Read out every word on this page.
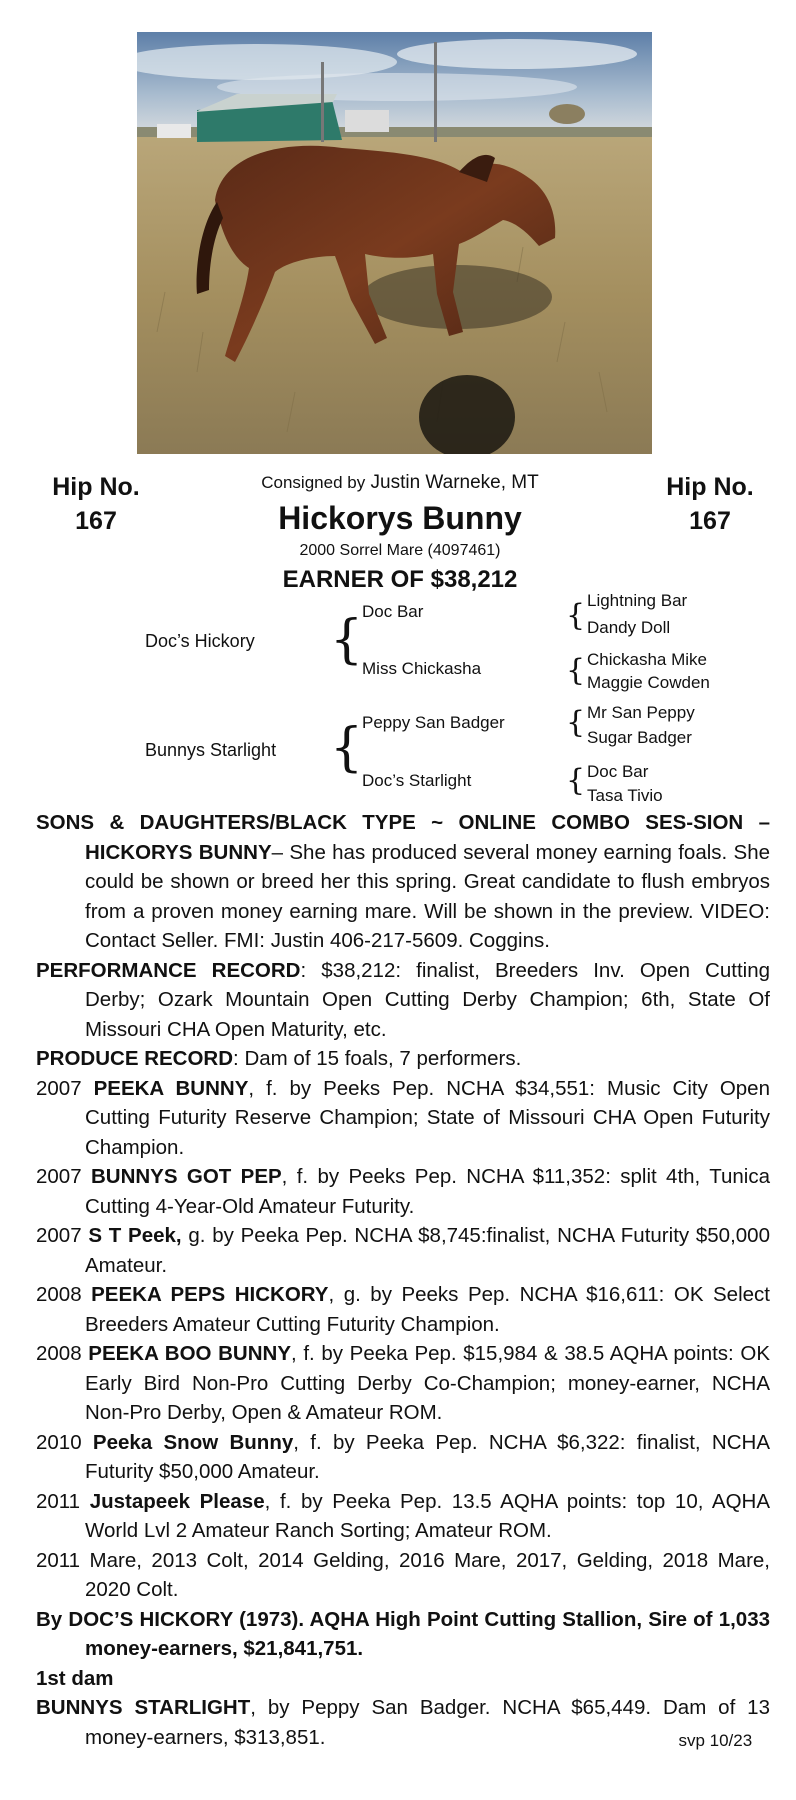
Hip No.
167
Hip No.
167
Consigned by Justin Warneke, MT
Hickorys Bunny
2000 Sorrel Mare (4097461)
EARNER OF $38,212
Doc’s Hickory
Bunnys Starlight
{
{
Doc Bar
Miss Chickasha
Peppy San Badger
Doc’s Starlight
{
{
{
{
Lightning Bar
Dandy Doll
Chickasha Mike
Maggie Cowden
Mr San Peppy
Sugar Badger
Doc Bar
Tasa Tivio

SONS & DAUGHTERS/BLACK TYPE ~ ONLINE COMBO SES-SION – HICKORYS BUNNY– She has produced several money earning foals. She could be shown or breed her this spring. Great candidate to flush embryos from a proven money earning mare. Will be shown in the preview. VIDEO: Contact Seller. FMI: Justin 406-217-5609. Coggins.

PERFORMANCE RECORD: $38,212: finalist, Breeders Inv. Open Cutting Derby; Ozark Mountain Open Cutting Derby Champion; 6th, State Of Missouri CHA Open Maturity, etc.

PRODUCE RECORD: Dam of 15 foals, 7 performers.

2007 PEEKA BUNNY, f. by Peeks Pep. NCHA $34,551: Music City Open Cutting Futurity Reserve Champion; State of Missouri CHA Open Futurity Champion.

2007 BUNNYS GOT PEP, f. by Peeks Pep. NCHA $11,352: split 4th, Tunica Cutting 4-Year-Old Amateur Futurity.

2007 S T Peek, g. by Peeka Pep. NCHA $8,745:finalist, NCHA Futurity $50,000 Amateur.

2008 PEEKA PEPS HICKORY, g. by Peeks Pep. NCHA $16,611: OK Select Breeders Amateur Cutting Futurity Champion.

2008 PEEKA BOO BUNNY, f. by Peeka Pep. $15,984 & 38.5 AQHA points: OK Early Bird Non-Pro Cutting Derby Co-Champion; money-earner, NCHA Non-Pro Derby, Open & Amateur ROM.

2010 Peeka Snow Bunny, f. by Peeka Pep. NCHA $6,322: finalist, NCHA Futurity $50,000 Amateur.

2011 Justapeek Please, f. by Peeka Pep. 13.5 AQHA points: top 10, AQHA World Lvl 2 Amateur Ranch Sorting; Amateur ROM.

2011 Mare, 2013 Colt, 2014 Gelding, 2016 Mare, 2017, Gelding, 2018 Mare, 2020 Colt.

By DOC’S HICKORY (1973). AQHA High Point Cutting Stallion, Sire of 1,033 money-earners, $21,841,751.

1st dam

BUNNYS STARLIGHT, by Peppy San Badger. NCHA $65,449. Dam of 13 money-earners, $313,851.	svp 10/23
